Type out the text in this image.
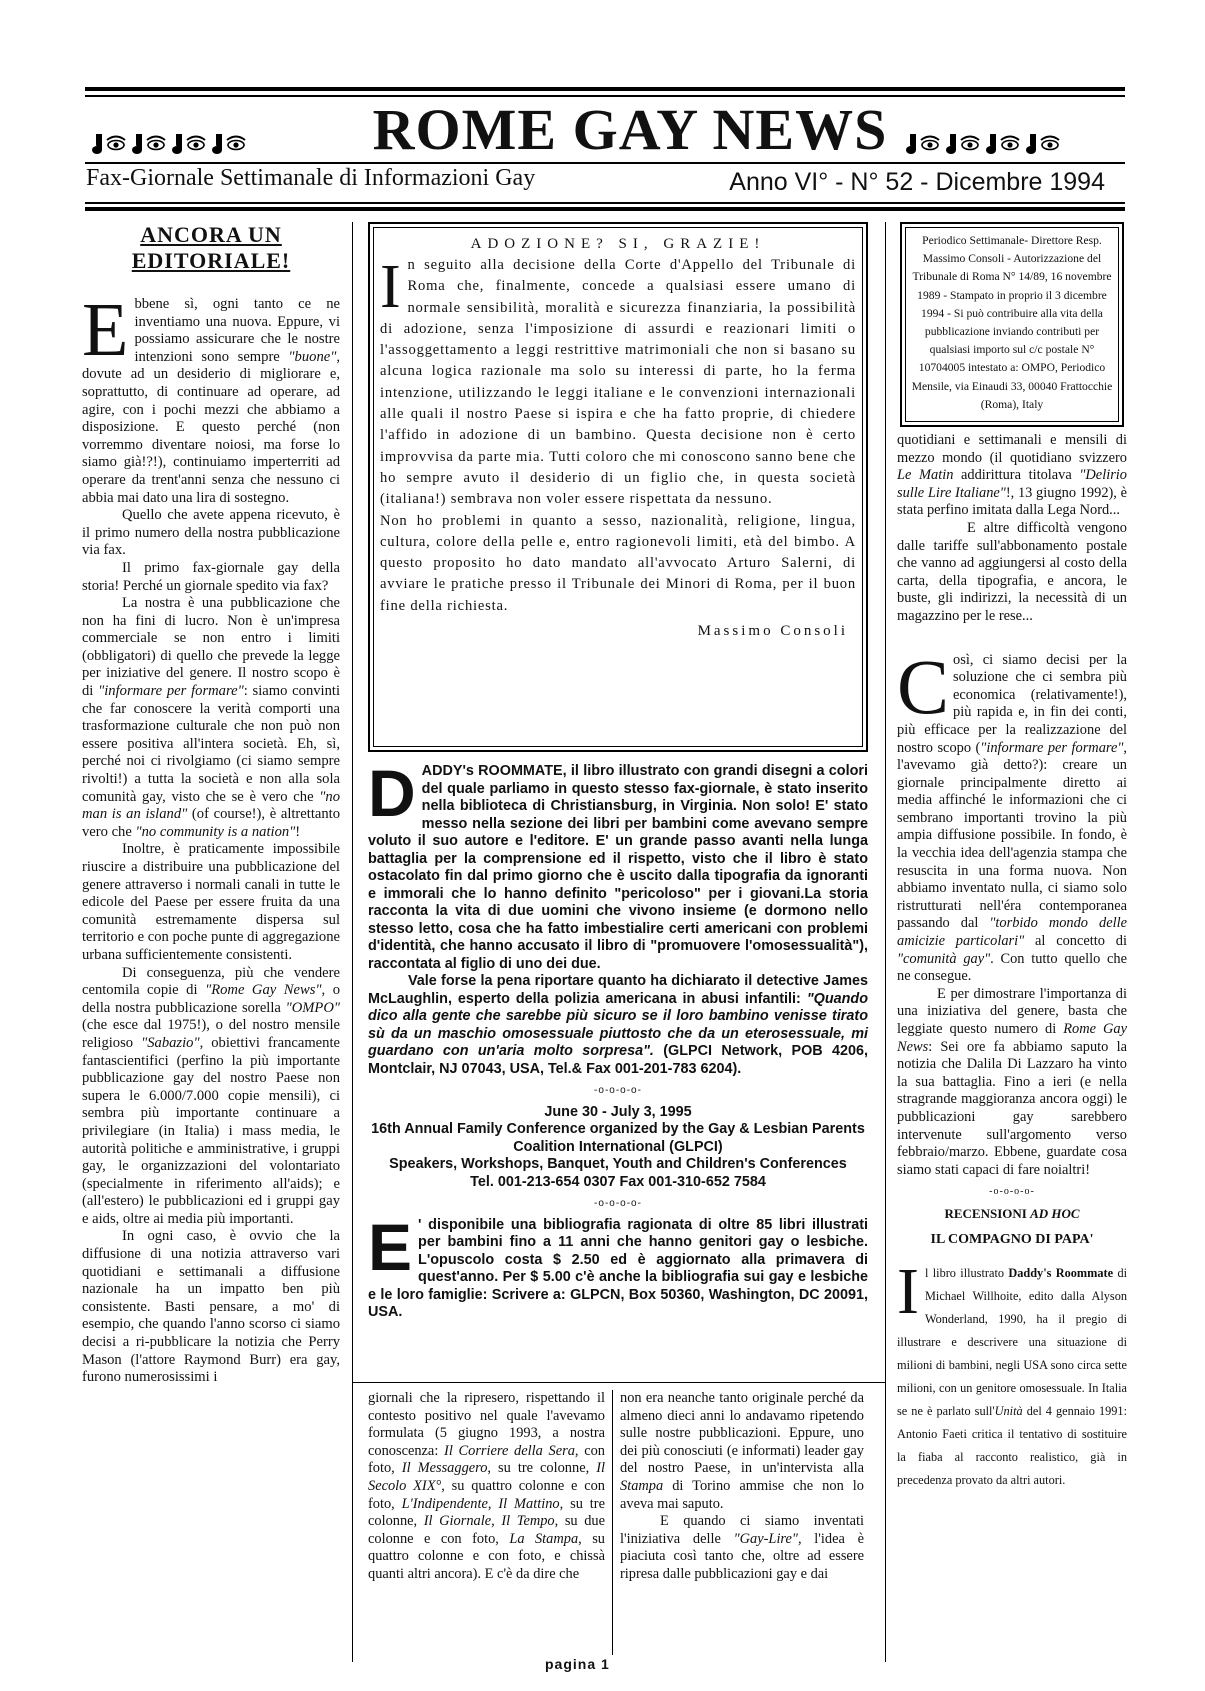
ROME GAY NEWS
Fax-Giornale Settimanale di Informazioni Gay	Anno VI° - N° 52 - Dicembre 1994
ANCORA UN
EDITORIALE!

Ebbene sì, ogni tanto ce ne inventiamo una nuova. Eppure, vi possiamo assicurare che le nostre intenzioni sono sempre "buone", dovute ad un desiderio di migliorare e, soprattutto, di continuare ad operare, ad agire, con i pochi mezzi che abbiamo a disposizione. E questo perché (non vorremmo diventare noiosi, ma forse lo siamo già!?!), continuiamo imperterriti ad operare da trent'anni senza che nessuno ci abbia mai dato una lira di sostegno.

Quello che avete appena ricevuto, è il primo numero della nostra pubblicazione via fax.

Il primo fax-giornale gay della storia! Perché un giornale spedito via fax?

La nostra è una pubblicazione che non ha fini di lucro. Non è un'impresa commerciale se non entro i limiti (obbligatori) di quello che prevede la legge per iniziative del genere. Il nostro scopo è di "informare per formare": siamo convinti che far conoscere la verità comporti una trasformazione culturale che non può non essere positiva all'intera società. Eh, sì, perché noi ci rivolgiamo (ci siamo sempre rivolti!) a tutta la società e non alla sola comunità gay, visto che se è vero che "no man is an island" (of course!), è altrettanto vero che "no community is a nation"!

Inoltre, è praticamente impossibile riuscire a distribuire una pubblicazione del genere attraverso i normali canali in tutte le edicole del Paese per essere fruita da una comunità estremamente dispersa sul territorio e con poche punte di aggregazione urbana sufficientemente consistenti.

Di conseguenza, più che vendere centomila copie di "Rome Gay News", o della nostra pubblicazione sorella "OMPO" (che esce dal 1975!), o del nostro mensile religioso "Sabazio", obiettivi francamente fantascientifici (perfino la più importante pubblicazione gay del nostro Paese non supera le 6.000/7.000 copie mensili), ci sembra più importante continuare a privilegiare (in Italia) i mass media, le autorità politiche e amministrative, i gruppi gay, le organizzazioni del volontariato (specialmente in riferimento all'aids); e (all'estero) le pubblicazioni ed i gruppi gay e aids, oltre ai media più importanti.

In ogni caso, è ovvio che la diffusione di una notizia attraverso vari quotidiani e settimanali a diffusione nazionale ha un impatto ben più consistente. Basti pensare, a mo' di esempio, che quando l'anno scorso ci siamo decisi a ri-pubblicare la notizia che Perry Mason (l'attore Raymond Burr) era gay, furono numerosissimi i

ADOZIONE? SI, GRAZIE!
In seguito alla decisione della Corte d'Appello del Tribunale di Roma che, finalmente, concede a qualsiasi essere umano di normale sensibilità, moralità e sicurezza finanziaria, la possibilità di adozione, senza l'imposizione di assurdi e reazionari limiti o l'assoggettamento a leggi restrittive matrimoniali che non si basano su alcuna logica razionale ma solo su interessi di parte, ho la ferma intenzione, utilizzando le leggi italiane e le convenzioni internazionali alle quali il nostro Paese si ispira e che ha fatto proprie, di chiedere l'affido in adozione di un bambino. Questa decisione non è certo improvvisa da parte mia. Tutti coloro che mi conoscono sanno bene che ho sempre avuto il desiderio di un figlio che, in questa società (italiana!) sembrava non voler essere rispettata da nessuno.
Non ho problemi in quanto a sesso, nazionalità, religione, lingua, cultura, colore della pelle e, entro ragionevoli limiti, età del bimbo. A questo proposito ho dato mandato all'avvocato Arturo Salerni, di avviare le pratiche presso il Tribunale dei Minori di Roma, per il buon fine della richiesta.
Massimo Consoli

DADDY's ROOMMATE, il libro illustrato con grandi disegni a colori del quale parliamo in questo stesso fax-giornale, è stato inserito nella biblioteca di Christiansburg, in Virginia. Non solo! E' stato messo nella sezione dei libri per bambini come avevano sempre voluto il suo autore e l'editore. E' un grande passo avanti nella lunga battaglia per la comprensione ed il rispetto, visto che il libro è stato ostacolato fin dal primo giorno che è uscito dalla tipografia da ignoranti e immorali che lo hanno definito "pericoloso" per i giovani.La storia racconta la vita di due uomini che vivono insieme (e dormono nello stesso letto, cosa che ha fatto imbestialire certi americani con problemi d'identità, che hanno accusato il libro di "promuovere l'omosessualità"), raccontata al figlio di uno dei due.

Vale forse la pena riportare quanto ha dichiarato il detective James McLaughlin, esperto della polizia americana in abusi infantili: "Quando dico alla gente che sarebbe più sicuro se il loro bambino venisse tirato sù da un maschio omosessuale piuttosto che da un eterosessuale, mi guardano con un'aria molto sorpresa". (GLPCI Network, POB 4206, Montclair, NJ 07043, USA, Tel.& Fax 001-201-783 6204).

-o-o-o-o-
June 30 - July 3, 1995
16th Annual Family Conference organized by the Gay & Lesbian Parents Coalition International (GLPCI)
Speakers, Workshops, Banquet, Youth and Children's Conferences
Tel. 001-213-654 0307 Fax 001-310-652 7584
-o-o-o-o-

E ' disponibile una bibliografia ragionata di oltre 85 libri illustrati per bambini fino a 11 anni che hanno genitori gay o lesbiche. L'opuscolo costa $ 2.50 ed è aggiornato alla primavera di quest'anno. Per $ 5.00 c'è anche la bibliografia sui gay e lesbiche e le loro famiglie: Scrivere a: GLPCN, Box 50360, Washington, DC 20091, USA.

giornali che la ripresero, rispettando il contesto positivo nel quale l'avevamo formulata (5 giugno 1993, a nostra conoscenza: Il Corriere della Sera, con foto, Il Messaggero, su tre colonne, Il Secolo XIX°, su quattro colonne e con foto, L'Indipendente, Il Mattino, su tre colonne, Il Giornale, Il Tempo, su due colonne e con foto, La Stampa, su quattro colonne e con foto, e chissà quanti altri ancora). E c'è da dire che
non era neanche tanto originale perché da almeno dieci anni lo andavamo ripetendo sulle nostre pubblicazioni. Eppure, uno dei più conosciuti (e informati) leader gay del nostro Paese, in un'intervista alla Stampa di Torino ammise che non lo aveva mai saputo.
E quando ci siamo inventati l'iniziativa delle "Gay-Lire", l'idea è piaciuta così tanto che, oltre ad essere ripresa dalle pubblicazioni gay e dai
pagina 1
Periodico Settimanale- Direttore Resp. Massimo Consoli - Autorizzazione del Tribunale di Roma N° 14/89, 16 novembre 1989 - Stampato in proprio il 3 dicembre 1994 - Si può contribuire alla vita della pubblicazione inviando contributi per qualsiasi importo sul c/c postale N° 10704005 intestato a: OMPO, Periodico Mensile, via Einaudi 33, 00040 Frattocchie (Roma), Italy

quotidiani e settimanali e mensili di mezzo mondo (il quotidiano svizzero Le Matin addirittura titolava "Delirio sulle Lire Italiane"!, 13 giugno 1992), è stata perfino imitata dalla Lega Nord...

E altre difficoltà vengono dalle tariffe sull'abbonamento postale che vanno ad aggiungersi al costo della carta, della tipografia, e ancora, le buste, gli indirizzi, la necessità di un magazzino per le rese...

Così, ci siamo decisi per la soluzione che ci sembra più economica (relativamente!), più rapida e, in fin dei conti, più efficace per la realizzazione del nostro scopo ("informare per formare", l'avevamo già detto?): creare un giornale principalmente diretto ai media affinché le informazioni che ci sembrano importanti trovino la più ampia diffusione possibile. In fondo, è la vecchia idea dell'agenzia stampa che resuscita in una forma nuova. Non abbiamo inventato nulla, ci siamo solo ristrutturati nell'éra contemporanea passando dal "torbido mondo delle amicizie particolari" al concetto di "comunità gay". Con tutto quello che ne consegue.

E per dimostrare l'importanza di una iniziativa del genere, basta che leggiate questo numero di Rome Gay News: Sei ore fa abbiamo saputo la notizia che Dalila Di Lazzaro ha vinto la sua battaglia. Fino a ieri (e nella stragrande maggioranza ancora oggi) le pubblicazioni gay sarebbero intervenute sull'argomento verso febbraio/marzo. Ebbene, guardate cosa siamo stati capaci di fare noialtri!

-o-o-o-o-
RECENSIONI AD HOC
IL COMPAGNO DI PAPA'
Il libro illustrato Daddy's Roommate di Michael Willhoite, edito dalla Alyson Wonderland, 1990, ha il pregio di illustrare e descrivere una situazione di milioni di bambini, negli USA sono circa sette milioni, con un genitore omosessuale. In Italia se ne è parlato sull'Unità del 4 gennaio 1991: Antonio Faeti critica il tentativo di sostituire la fiaba al racconto realistico, già in precedenza provato da altri autori.
